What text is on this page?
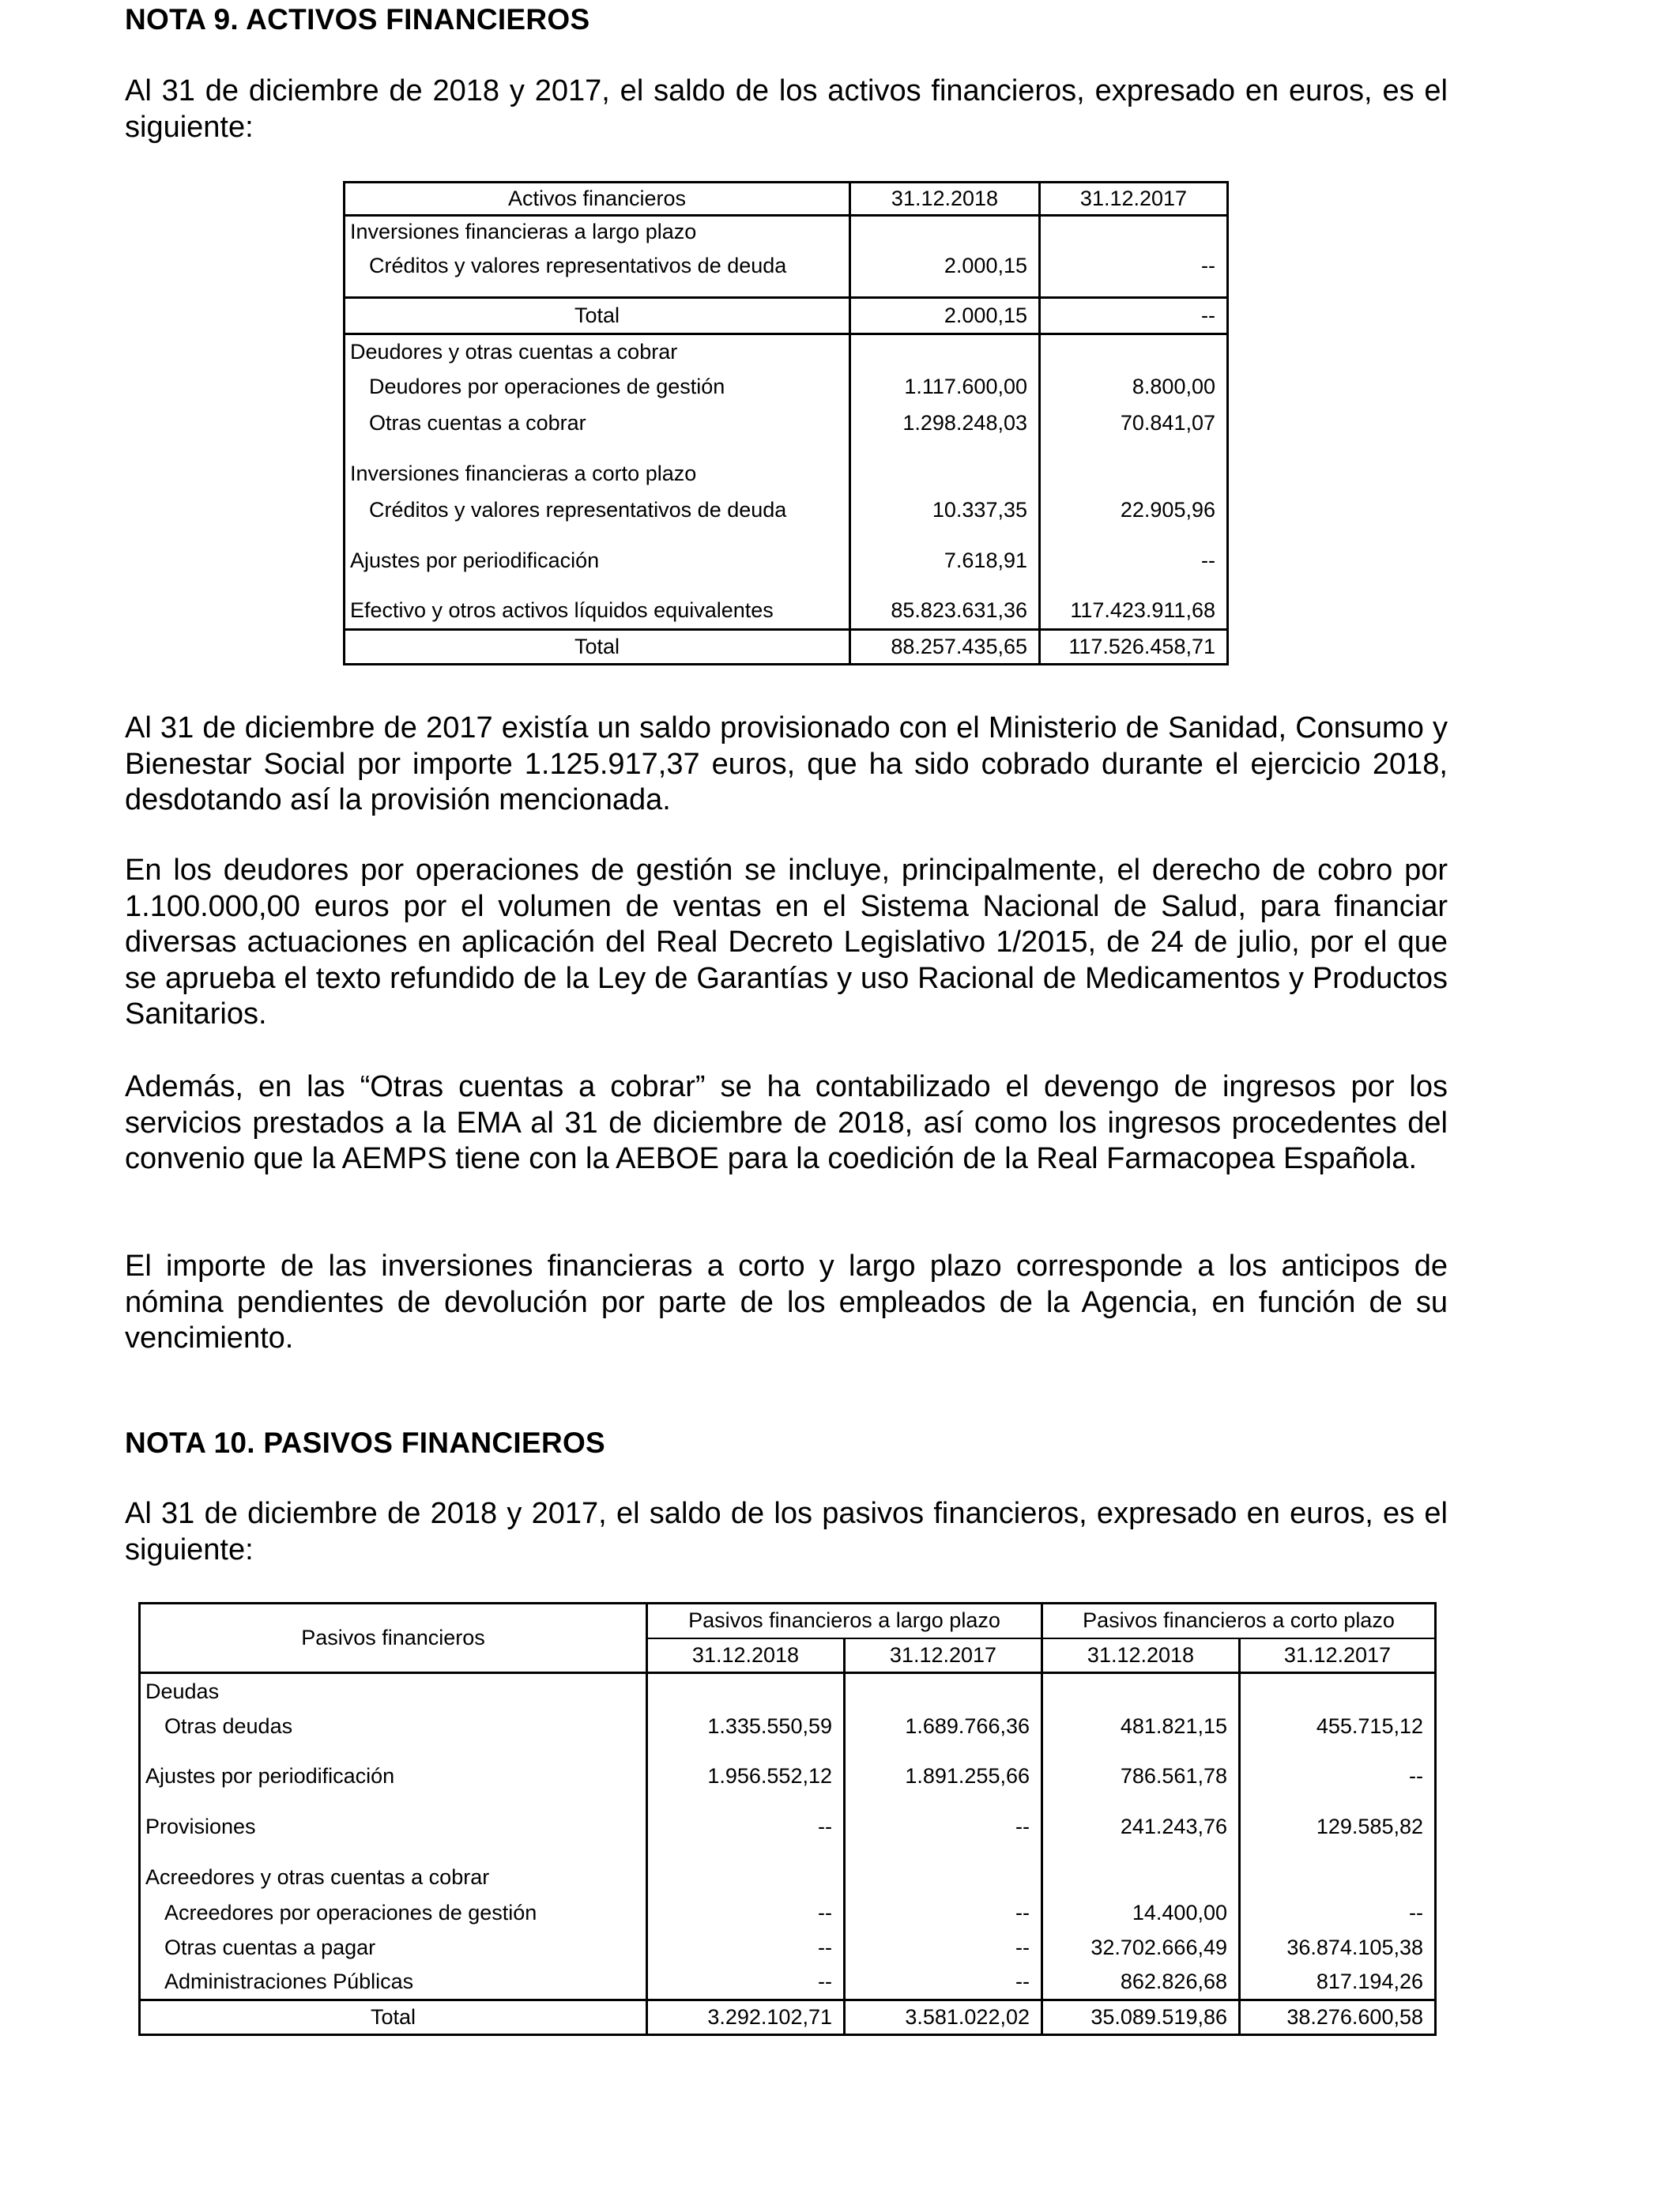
NOTA 9. ACTIVOS FINANCIEROS

Al 31 de diciembre de 2018 y 2017, el saldo de los activos financieros, expresado en euros, es el siguiente:

Activos financieros	31.12.2018	31.12.2017
Inversiones financieras a largo plazo		
Créditos y valores representativos de deuda	2.000,15	--

Total	2.000,15	--
Deudores y otras cuentas a cobrar		
Deudores por operaciones de gestión	1.117.600,00	8.800,00
Otras cuentas a cobrar	1.298.248,03	70.841,07

Inversiones financieras a corto plazo		
Créditos y valores representativos de deuda	10.337,35	22.905,96

Ajustes por periodificación	7.618,91	--

Efectivo y otros activos líquidos equivalentes	85.823.631,36	117.423.911,68
Total	88.257.435,65	117.526.458,71

Al 31 de diciembre de 2017 existía un saldo provisionado con el Ministerio de Sanidad, Consumo y Bienestar Social por importe 1.125.917,37 euros, que ha sido cobrado durante el ejercicio 2018, desdotando así la provisión mencionada.

En los deudores por operaciones de gestión se incluye, principalmente, el derecho de cobro por 1.100.000,00 euros por el volumen de ventas en el Sistema Nacional de Salud, para financiar diversas actuaciones en aplicación del Real Decreto Legislativo 1/2015, de 24 de julio, por el que se aprueba el texto refundido de la Ley de Garantías y uso Racional de Medicamentos y Productos Sanitarios.

Además, en las “Otras cuentas a cobrar” se ha contabilizado el devengo de ingresos por los servicios prestados a la EMA al 31 de diciembre de 2018, así como los ingresos procedentes del convenio que la AEMPS tiene con la AEBOE para la coedición de la Real Farmacopea Española.

El importe de las inversiones financieras a corto y largo plazo corresponde a los anticipos de nómina pendientes de devolución por parte de los empleados de la Agencia, en función de su vencimiento.

NOTA 10. PASIVOS FINANCIEROS

Al 31 de diciembre de 2018 y 2017, el saldo de los pasivos financieros, expresado en euros, es el siguiente:

Pasivos financieros	Pasivos financieros a largo plazo		Pasivos financieros a corto plazo	
	31.12.2018	31.12.2017	31.12.2018	31.12.2017
Deudas				
Otras deudas	1.335.550,59	1.689.766,36	481.821,15	455.715,12

Ajustes por periodificación	1.956.552,12	1.891.255,66	786.561,78	--

Provisiones	--	--	241.243,76	129.585,82

Acreedores y otras cuentas a cobrar				
Acreedores por operaciones de gestión	--	--	14.400,00	--
Otras cuentas a pagar	--	--	32.702.666,49	36.874.105,38
Administraciones Públicas	--	--	862.826,68	817.194,26
Total	3.292.102,71	3.581.022,02	35.089.519,86	38.276.600,58
